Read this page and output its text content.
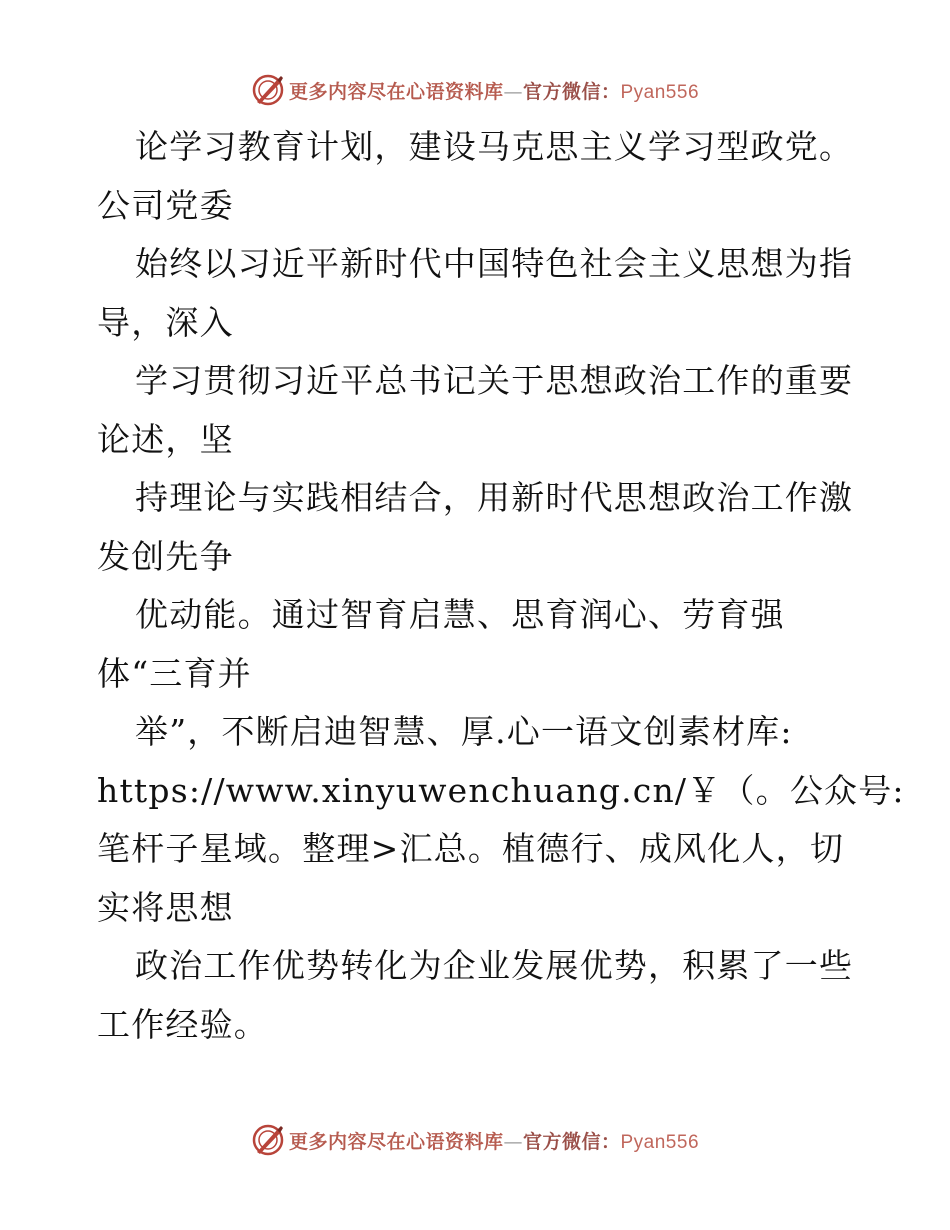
更多内容尽在心语资料库—官方微信：Pyan556
论学习教育计划，建设马克思主义学习型政党。
公司党委
始终以习近平新时代中国特色社会主义思想为指
导，深入
学习贯彻习近平总书记关于思想政治工作的重要
论述，坚
持理论与实践相结合，用新时代思想政治工作激
发创先争
优动能。通过智育启慧、思育润心、劳育强
体“三育并
举”，不断启迪智慧、厚.心一语文创素材库:
https://www.xinyuwenchuang.cn/￥（。公众号:
笔杆子星域。整理>汇总。植德行、成风化人，切
实将思想
政治工作优势转化为企业发展优势，积累了一些
工作经验。
更多内容尽在心语资料库—官方微信：Pyan556
